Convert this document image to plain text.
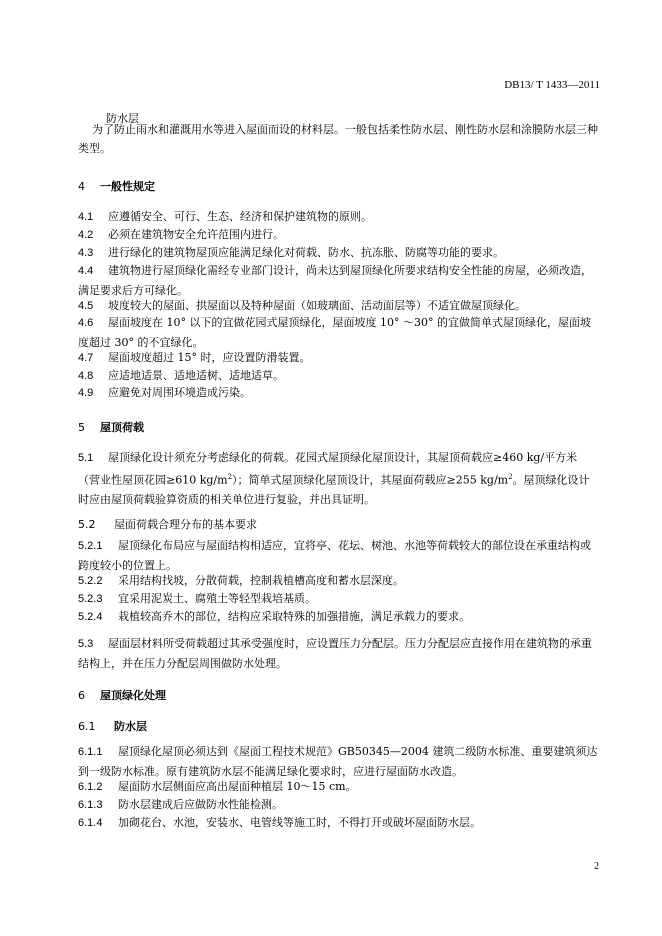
DB13/ T 1433—2011
防水层
为了防止雨水和灌溉用水等进入屋面而设的材料层。一般包括柔性防水层、刚性防水层和涂膜防水层三种类型。
4 一般性规定
4.1 应遵循安全、可行、生态、经济和保护建筑物的原则。
4.2 必须在建筑物安全允许范围内进行。
4.3 进行绿化的建筑物屋顶应能满足绿化对荷载、防水、抗冻胀、防腐等功能的要求。
4.4 建筑物进行屋顶绿化需经专业部门设计，尚未达到屋顶绿化所要求结构安全性能的房屋，必须改造，满足要求后方可绿化。
4.5 坡度较大的屋面、拱屋面以及特种屋面（如玻璃面、活动面层等）不适宜做屋顶绿化。
4.6 屋面坡度在 10° 以下的宜做花园式屋顶绿化，屋面坡度 10° ～30° 的宜做简单式屋顶绿化，屋面坡度超过 30° 的不宜绿化。
4.7 屋面坡度超过 15° 时，应设置防滑装置。
4.8 应适地适景、适地适树、适地适草。
4.9 应避免对周围环境造成污染。
5 屋顶荷载
5.1 屋顶绿化设计须充分考虑绿化的荷载。花园式屋顶绿化屋顶设计，其屋顶荷载应≥460 kg/平方米（营业性屋顶花园≥610 $kg/m^2$）；简单式屋顶绿化屋顶设计，其屋面荷载应≥255 $kg/m^2$。屋顶绿化设计时应由屋顶荷载验算资质的相关单位进行复验，并出具证明。
5.2 屋面荷载合理分布的基本要求
5.2.1 屋顶绿化布局应与屋面结构相适应，宜将亭、花坛、树池、水池等荷载较大的部位设在承重结构或跨度较小的位置上。
5.2.2 采用结构找坡，分散荷载，控制栽植槽高度和蓄水层深度。
5.2.3 宜采用泥炭土、腐殖土等轻型栽培基质。
5.2.4 栽植较高乔木的部位，结构应采取特殊的加强措施，满足承载力的要求。
5.3 屋面层材料所受荷载超过其承受强度时，应设置压力分配层。压力分配层应直接作用在建筑物的承重结构上，并在压力分配层周围做防水处理。
6 屋顶绿化处理
6.1 防水层
6.1.1 屋顶绿化屋顶必须达到《屋面工程技术规范》GB50345—2004 建筑二级防水标准、重要建筑须达到一级防水标准。原有建筑防水层不能满足绿化要求时，应进行屋面防水改造。
6.1.2 屋面防水层侧面应高出屋面种植层 10～15 cm。
6.1.3 防水层建成后应做防水性能检测。
6.1.4 加砌花台、水池，安装水、电管线等施工时，不得打开或破坏屋面防水层。
2
